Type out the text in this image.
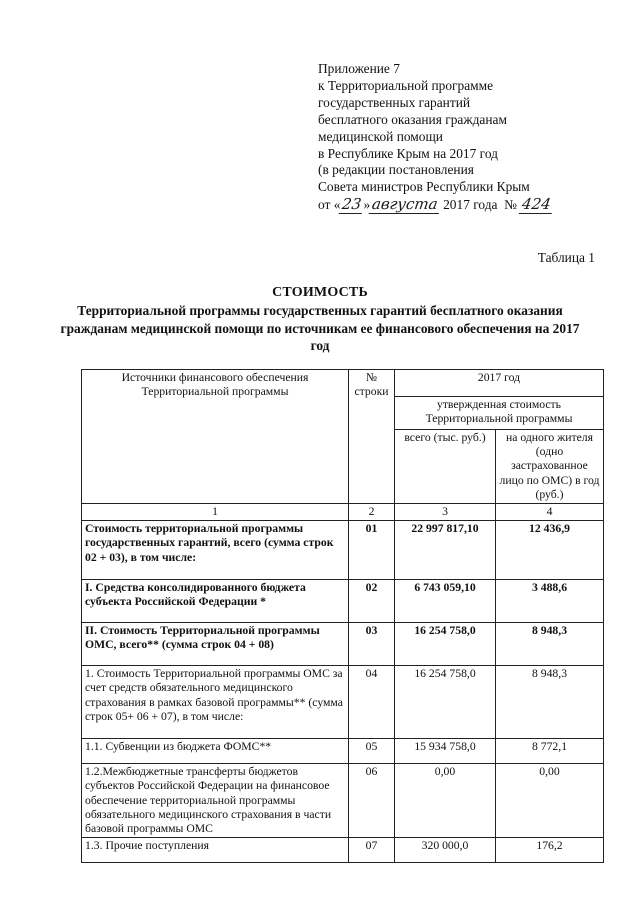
Приложение 7
к Территориальной программе
государственных гарантий
бесплатного оказания гражданам
медицинской помощи
в Республике Крым на 2017 год
(в редакции постановления
Совета министров Республики Крым
от «23»августа 2017 года № 424
Таблица 1
СТОИМОСТЬ
Территориальной программы государственных гарантий бесплатного оказания гражданам медицинской помощи по источникам ее финансового обеспечения на 2017 год
Источники финансового обеспечения Территориальной программы	№ строки	2017 год	
		утвержденная стоимость Территориальной программы	
		всего (тыс. руб.)	на одного жителя (одно застрахованное лицо по ОМС) в год (руб.)
1	2	3	4
Стоимость территориальной программы государственных гарантий, всего (сумма строк 02 + 03), в том числе:	01	22 997 817,10	12 436,9
I. Средства консолидированного бюджета субъекта Российской Федерации *	02	6 743 059,10	3 488,6
II. Стоимость Территориальной программы ОМС, всего** (сумма строк 04 + 08)	03	16 254 758,0	8 948,3
1. Стоимость Территориальной программы ОМС за счет средств обязательного медицинского страхования в рамках базовой программы** (сумма строк 05+ 06 + 07), в том числе:	04	16 254 758,0	8 948,3
1.1. Субвенции из бюджета ФОМС**	05	15 934 758,0	8 772,1
1.2.Межбюджетные трансферты бюджетов субъектов Российской Федерации на финансовое обеспечение территориальной программы обязательного медицинского страхования в части базовой программы ОМС	06	0,00	0,00
1.3. Прочие поступления	07	320 000,0	176,2
